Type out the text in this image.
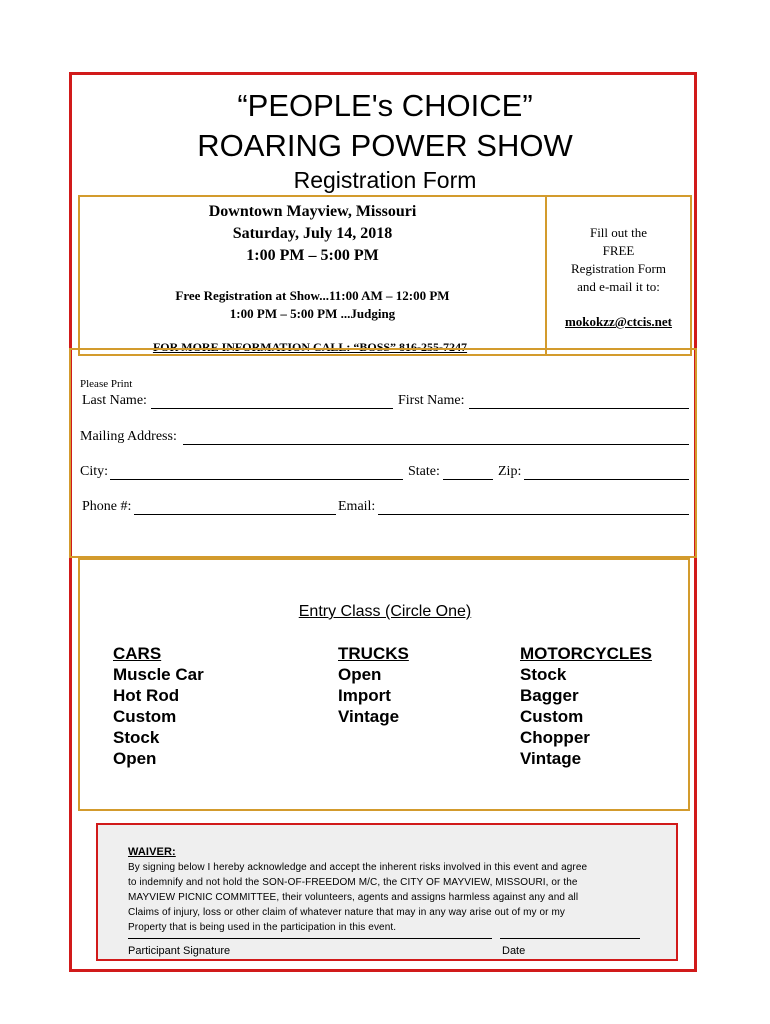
“PEOPLE's CHOICE”
ROARING POWER SHOW
Registration Form
Downtown Mayview, Missouri
Saturday, July 14, 2018
1:00 PM – 5:00 PM
Free Registration at Show...11:00 AM – 12:00 PM
1:00 PM – 5:00 PM ...Judging
FOR MORE INFORMATION CALL: “BOSS” 816-255-7247
Fill out the
FREE
Registration Form
and e-mail it to:
mokokzz@ctcis.net
Please Print
Last Name:	First Name:
Mailing Address:
City:	State:	Zip:
Phone #:	Email:
Entry Class (Circle One)
CARS
Muscle Car
Hot Rod
Custom
Stock
Open
TRUCKS
Open
Import
Vintage
MOTORCYCLES
Stock
Bagger
Custom
Chopper
Vintage
WAIVER:
By signing below I hereby acknowledge and accept the inherent risks involved in this event and agree
to indemnify and not hold the SON-OF-FREEDOM M/C, the CITY OF MAYVIEW, MISSOURI, or the
MAYVIEW PICNIC COMMITTEE, their volunteers, agents and assigns harmless against any and all
Claims of injury, loss or other claim of whatever nature that may in any way arise out of my or my
Property that is being used in the participation in this event.
Participant Signature	Date
